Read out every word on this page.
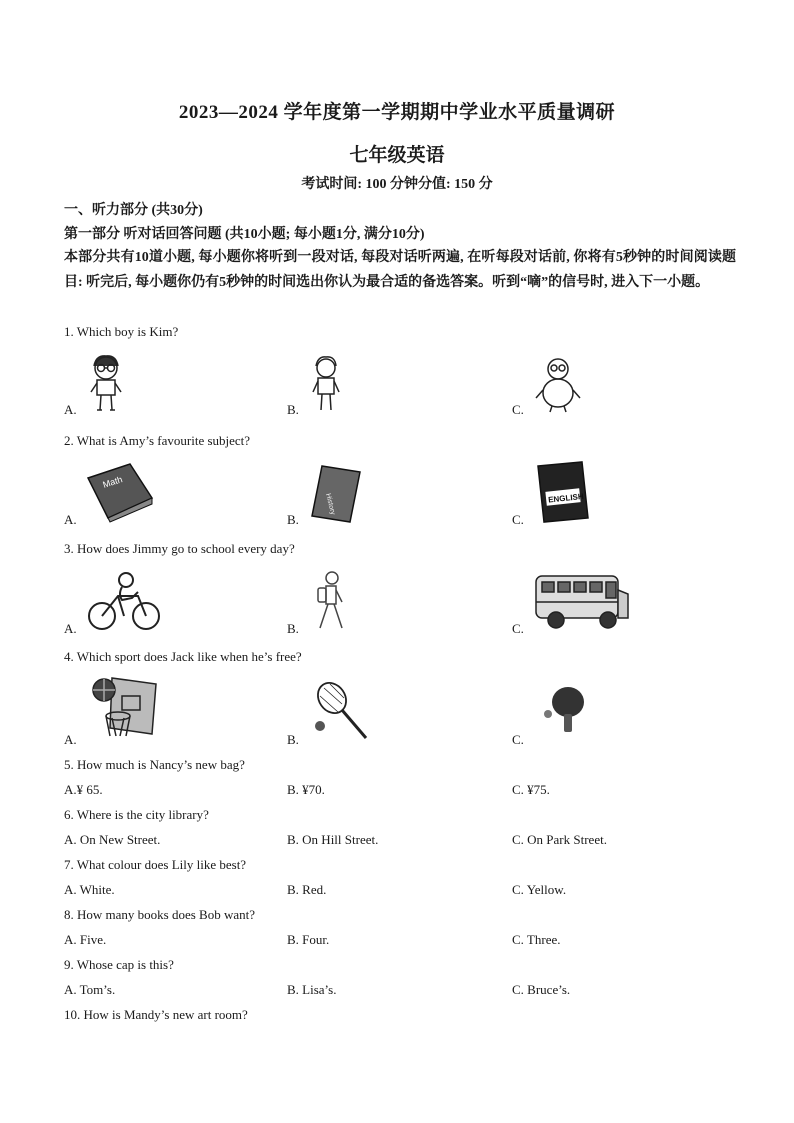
2023—2024 学年度第一学期期中学业水平质量调研
七年级英语
考试时间: 100 分钟分值: 150 分
一、听力部分 (共30分)
第一部分 听对话回答问题 (共10小题; 每小题1分, 满分10分)
本部分共有10道小题, 每小题你将听到一段对话, 每段对话听两遍, 在听每段对话前, 你将有5秒钟的时间阅读题目: 听完后, 每小题你仍有5秒钟的时间选出你认为最合适的备选答案。听到“嘀”的信号时, 进入下一小题。
1. Which boy is Kim?
A.	B.	C.
2. What is Amy’s favourite subject?
Math
A.
History
B.
ENGLISH
C.
3. How does Jimmy go to school every day?
A.	B.	C.
4. Which sport does Jack like when he’s free?
A.	B.	C.
5. How much is Nancy’s new bag?
A.¥ 65.	B. ¥70.	C. ¥75.
6. Where is the city library?
A. On New Street.	B. On Hill Street.	C. On Park Street.
7. What colour does Lily like best?
A. White.	B. Red.	C. Yellow.
8. How many books does Bob want?
A. Five.	B. Four.	C. Three.
9. Whose cap is this?
A. Tom’s.	B. Lisa’s.	C. Bruce’s.
10. How is Mandy’s new art room?
